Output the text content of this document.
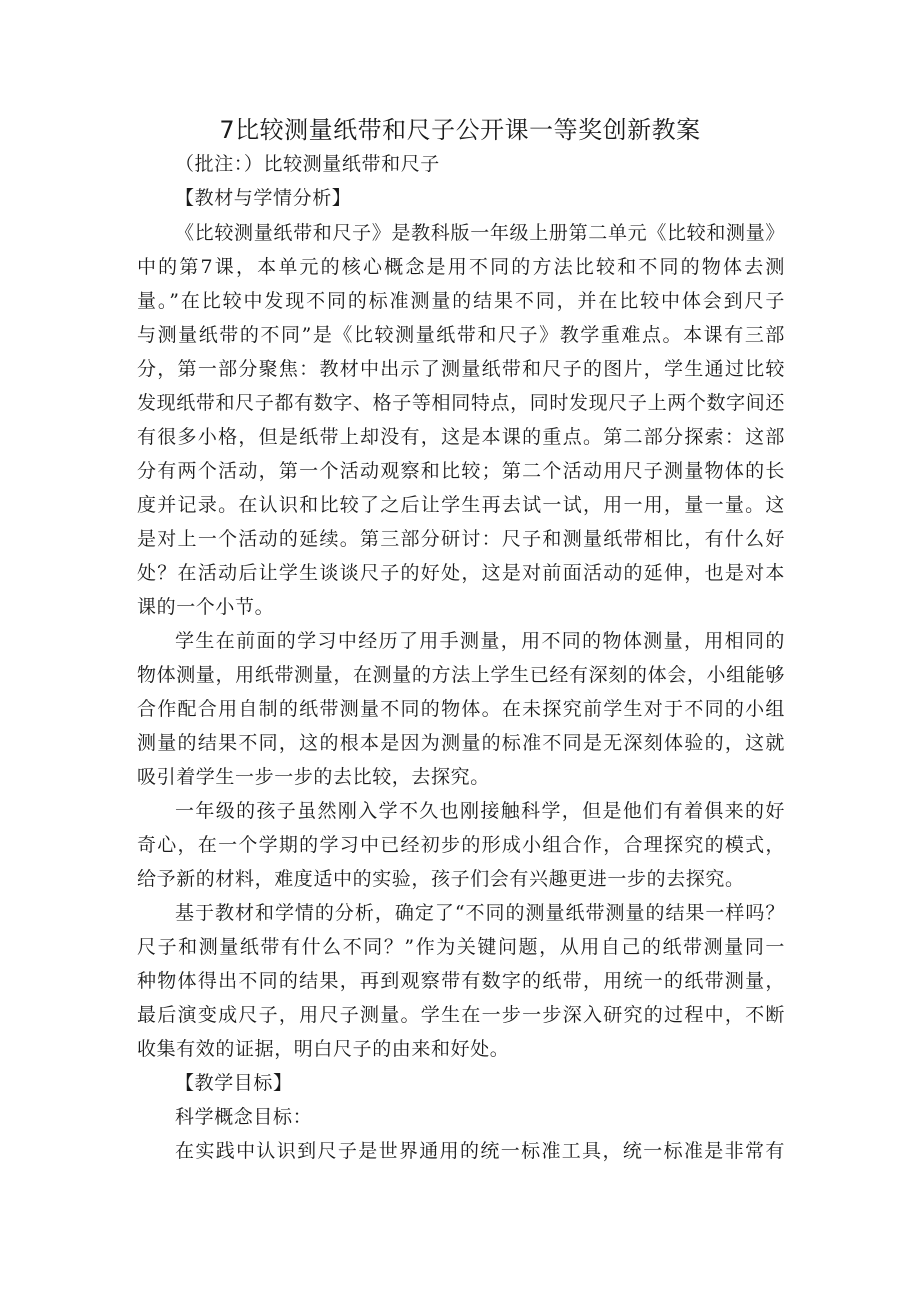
7比较测量纸带和尺子公开课一等奖创新教案
（批注：）比较测量纸带和尺子
【教材与学情分析】
《比较测量纸带和尺子》是教科版一年级上册第二单元《比较和测量》
中的第7课，本单元的核心概念是用不同的方法比较和不同的物体去测
量。”在比较中发现不同的标准测量的结果不同，并在比较中体会到尺子
与测量纸带的不同”是《比较测量纸带和尺子》教学重难点。本课有三部
分，第一部分聚焦：教材中出示了测量纸带和尺子的图片，学生通过比较
发现纸带和尺子都有数字、格子等相同特点，同时发现尺子上两个数字间还
有很多小格，但是纸带上却没有，这是本课的重点。第二部分探索：这部
分有两个活动，第一个活动观察和比较；第二个活动用尺子测量物体的长
度并记录。在认识和比较了之后让学生再去试一试，用一用，量一量。这
是对上一个活动的延续。第三部分研讨：尺子和测量纸带相比，有什么好
处？在活动后让学生谈谈尺子的好处，这是对前面活动的延伸，也是对本
课的一个小节。
学生在前面的学习中经历了用手测量，用不同的物体测量，用相同的
物体测量，用纸带测量，在测量的方法上学生已经有深刻的体会，小组能够
合作配合用自制的纸带测量不同的物体。在未探究前学生对于不同的小组
测量的结果不同，这的根本是因为测量的标准不同是无深刻体验的，这就
吸引着学生一步一步的去比较，去探究。
一年级的孩子虽然刚入学不久也刚接触科学，但是他们有着俱来的好
奇心，在一个学期的学习中已经初步的形成小组合作，合理探究的模式，
给予新的材料，难度适中的实验，孩子们会有兴趣更进一步的去探究。
基于教材和学情的分析，确定了“不同的测量纸带测量的结果一样吗？
尺子和测量纸带有什么不同？”作为关键问题，从用自己的纸带测量同一
种物体得出不同的结果，再到观察带有数字的纸带，用统一的纸带测量，
最后演变成尺子，用尺子测量。学生在一步一步深入研究的过程中，不断
收集有效的证据，明白尺子的由来和好处。
【教学目标】
科学概念目标：
在实践中认识到尺子是世界通用的统一标准工具，统一标准是非常有
